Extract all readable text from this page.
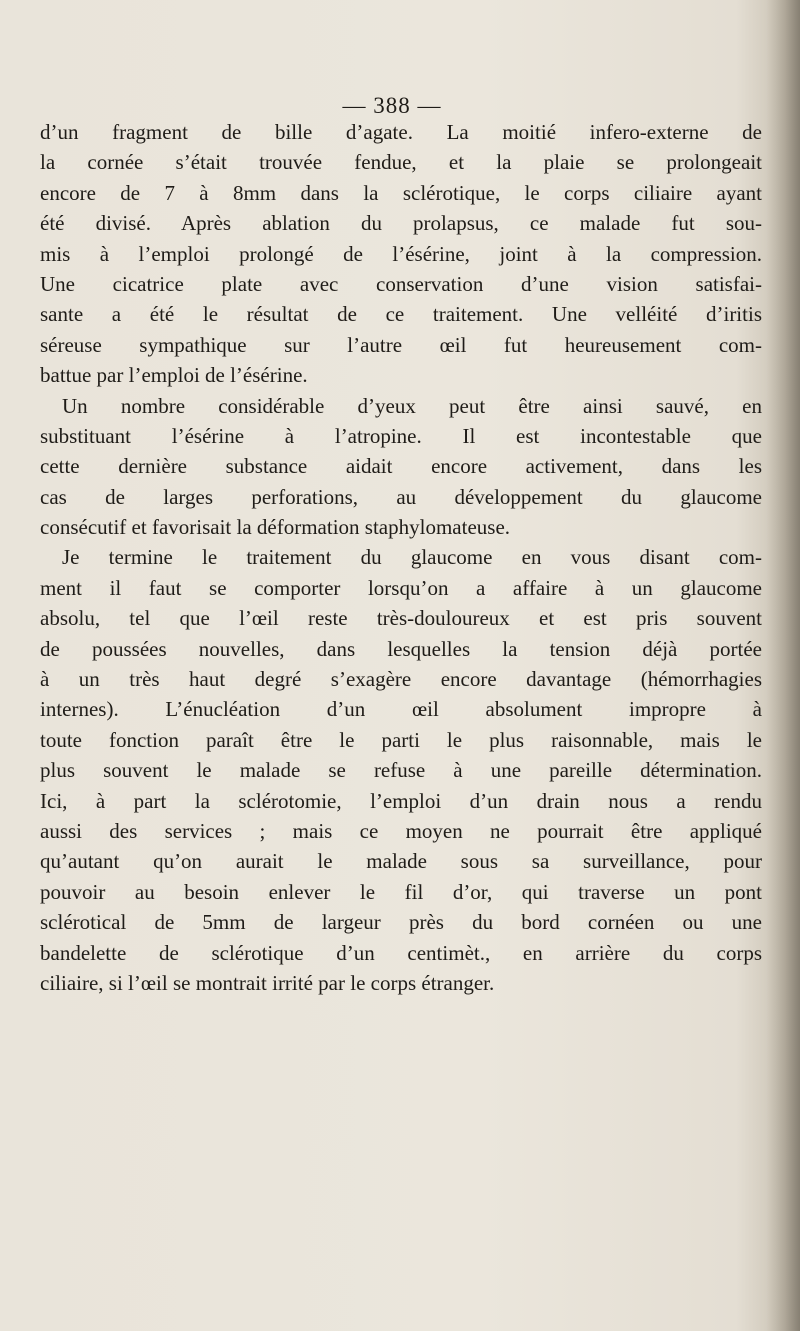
— 388 —
d’un fragment de bille d’agate. La moitié infero-externe de
la cornée s’était trouvée fendue, et la plaie se prolongeait
encore de 7 à 8mm dans la sclérotique, le corps ciliaire ayant
été divisé. Après ablation du prolapsus, ce malade fut sou-
mis à l’emploi prolongé de l’ésérine, joint à la compression.
Une cicatrice plate avec conservation d’une vision satisfai-
sante a été le résultat de ce traitement. Une velléité d’iritis
séreuse sympathique sur l’autre œil fut heureusement com-
battue par l’emploi de l’ésérine.
Un nombre considérable d’yeux peut être ainsi sauvé, en
substituant l’ésérine à l’atropine. Il est incontestable que
cette dernière substance aidait encore activement, dans les
cas de larges perforations, au développement du glaucome
consécutif et favorisait la déformation staphylomateuse.
Je termine le traitement du glaucome en vous disant com-
ment il faut se comporter lorsqu’on a affaire à un glaucome
absolu, tel que l’œil reste très-douloureux et est pris souvent
de poussées nouvelles, dans lesquelles la tension déjà portée
à un très haut degré s’exagère encore davantage (hémorrhagies
internes). L’énucléation d’un œil absolument impropre à
toute fonction paraît être le parti le plus raisonnable, mais le
plus souvent le malade se refuse à une pareille détermination.
Ici, à part la sclérotomie, l’emploi d’un drain nous a rendu
aussi des services ; mais ce moyen ne pourrait être appliqué
qu’autant qu’on aurait le malade sous sa surveillance, pour
pouvoir au besoin enlever le fil d’or, qui traverse un pont
sclérotical de 5mm de largeur près du bord cornéen ou une
bandelette de sclérotique d’un centimèt., en arrière du corps
ciliaire, si l’œil se montrait irrité par le corps étranger.
